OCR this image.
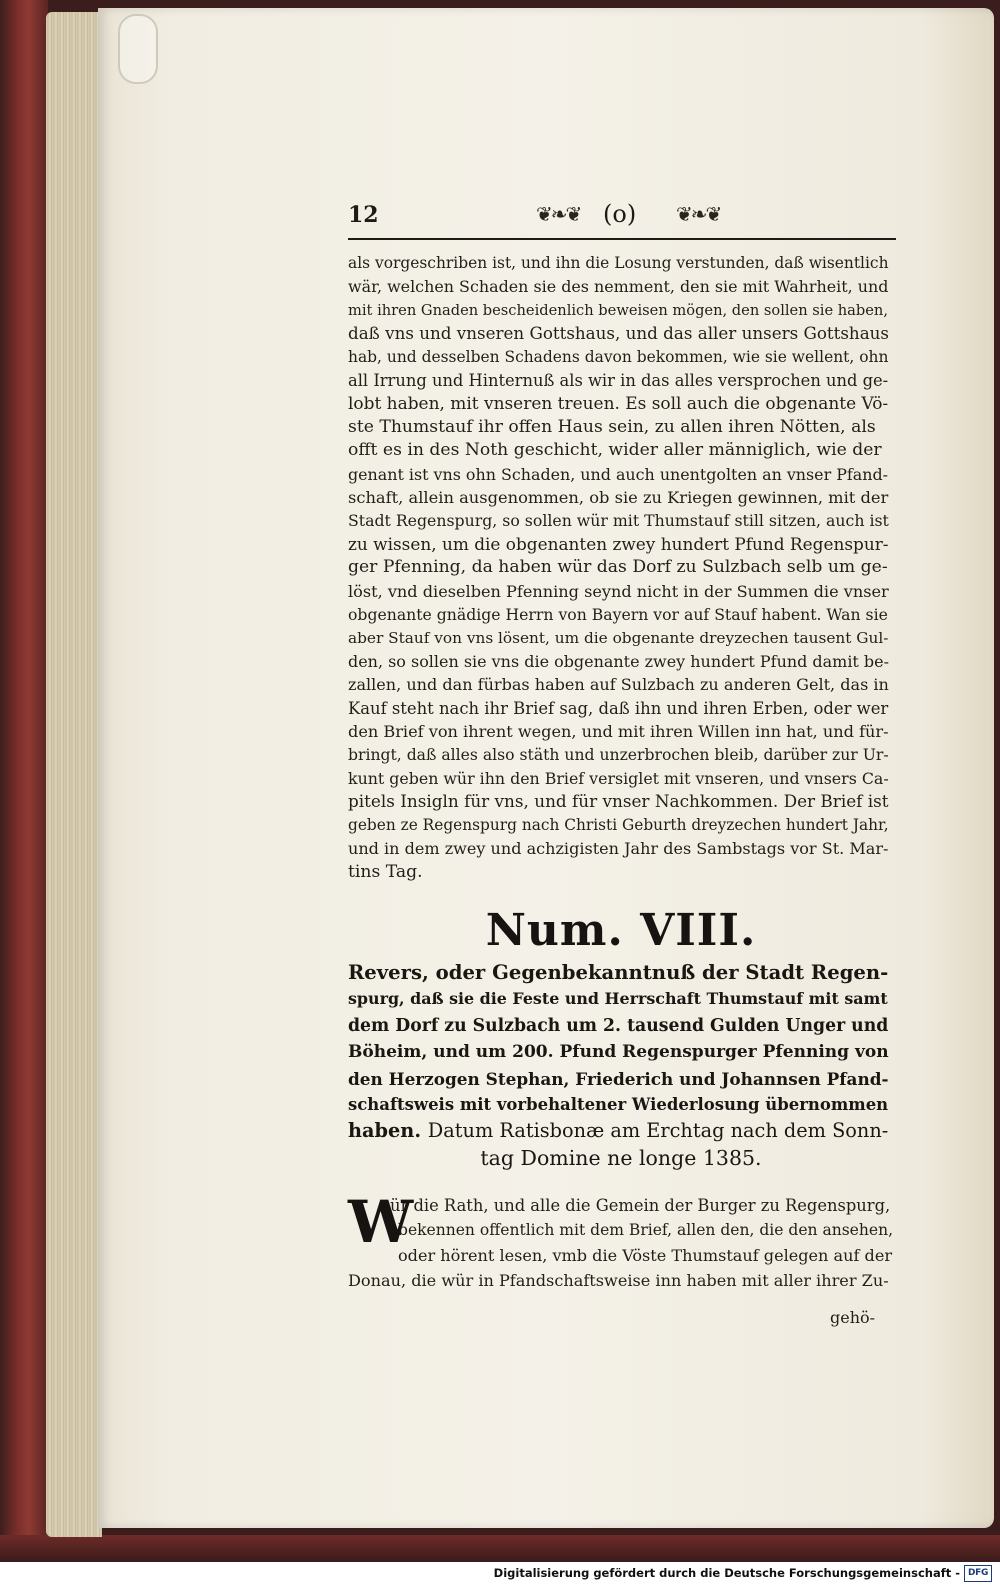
12	❦❧❦ (o) ❦❧❦
als vorgeschriben ist, und ihn die Losung verstunden, daß wisentlich
wär, welchen Schaden sie des nemment, den sie mit Wahrheit, und
mit ihren Gnaden bescheidenlich beweisen mögen, den sollen sie haben,
daß vns und vnseren Gottshaus, und das aller unsers Gottshaus
hab, und desselben Schadens davon bekommen, wie sie wellent, ohn
all Irrung und Hinternuß als wir in das alles versprochen und ge-
lobt haben, mit vnseren treuen. Es soll auch die obgenante Vö-
ste Thumstauf ihr offen Haus sein, zu allen ihren Nötten, als
offt es in des Noth geschicht, wider aller männiglich, wie der
genant ist vns ohn Schaden, und auch unentgolten an vnser Pfand-
schaft, allein ausgenommen, ob sie zu Kriegen gewinnen, mit der
Stadt Regenspurg, so sollen wür mit Thumstauf still sitzen, auch ist
zu wissen, um die obgenanten zwey hundert Pfund Regenspur-
ger Pfenning, da haben wür das Dorf zu Sulzbach selb um ge-
löst, vnd dieselben Pfenning seynd nicht in der Summen die vnser
obgenante gnädige Herrn von Bayern vor auf Stauf habent. Wan sie
aber Stauf von vns lösent, um die obgenante dreyzechen tausent Gul-
den, so sollen sie vns die obgenante zwey hundert Pfund damit be-
zallen, und dan fürbas haben auf Sulzbach zu anderen Gelt, das in
Kauf steht nach ihr Brief sag, daß ihn und ihren Erben, oder wer
den Brief von ihrent wegen, und mit ihren Willen inn hat, und für-
bringt, daß alles also stäth und unzerbrochen bleib, darüber zur Ur-
kunt geben wür ihn den Brief versiglet mit vnseren, und vnsers Ca-
pitels Insigln für vns, und für vnser Nachkommen. Der Brief ist
geben ze Regenspurg nach Christi Geburth dreyzechen hundert Jahr,
und in dem zwey und achzigisten Jahr des Sambstags vor St. Mar-
tins Tag.
Num. VIII.
Revers, oder Gegenbekanntnuß der Stadt Regen-
spurg, daß sie die Feste und Herrschaft Thumstauf mit samt
dem Dorf zu Sulzbach um 2. tausend Gulden Unger und
Böheim, und um 200. Pfund Regenspurger Pfenning von
den Herzogen Stephan, Friederich und Johannsen Pfand-
schaftsweis mit vorbehaltener Wiederlosung übernommen
haben. Datum Ratisbonæ am Erchtag nach dem Sonn-
tag Domine ne longe 1385.
W
ür die Rath, und alle die Gemein der Burger zu Regenspurg,
bekennen offentlich mit dem Brief, allen den, die den ansehen,
oder hörent lesen, vmb die Vöste Thumstauf gelegen auf der
Donau, die wür in Pfandschaftsweise inn haben mit aller ihrer Zu-
gehö-
Digitalisierung gefördert durch die Deutsche Forschungsgemeinschaft - DFG
